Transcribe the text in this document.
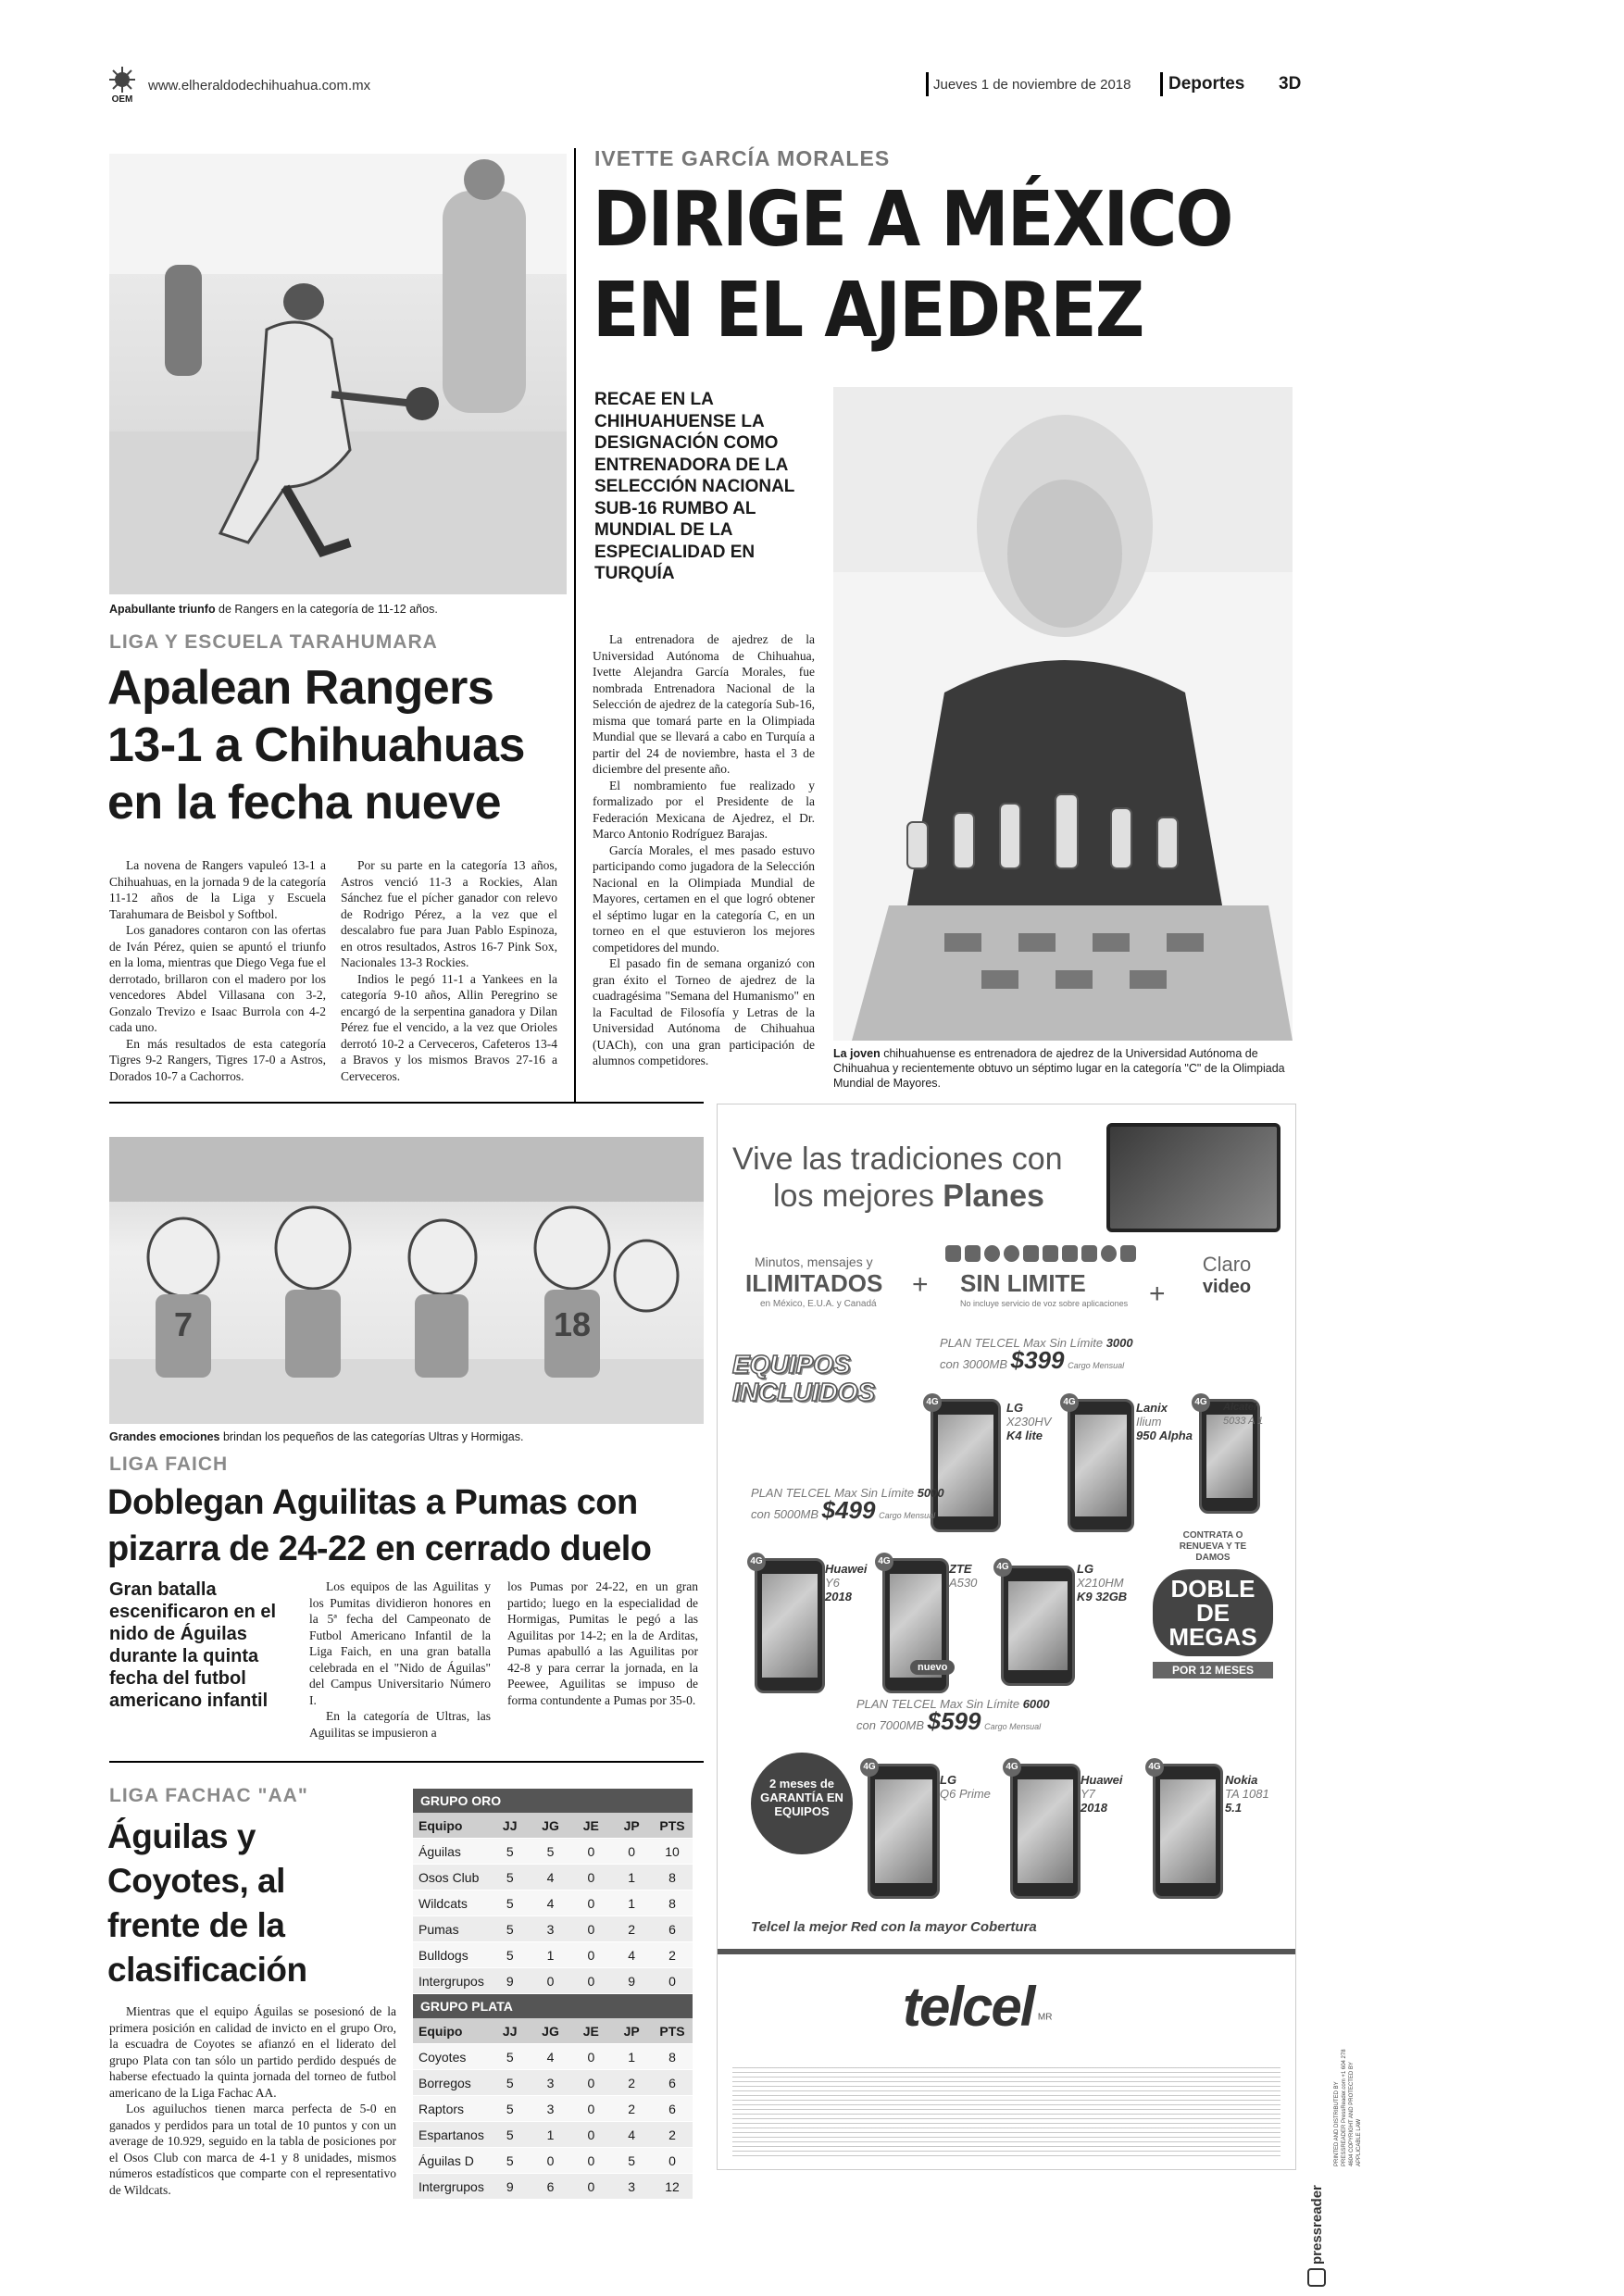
OEM
www.elheraldodechihuahua.com.mx	Jueves 1 de noviembre de 2018 Deportes 3D
Apabullante triunfo de Rangers en la categoría de 11-12 años.
LIGA Y ESCUELA TARAHUMARA
Apalean Rangers 13-1 a Chihuahuas en la fecha nueve

La novena de Rangers vapuleó 13-1 a Chihuahuas, en la jornada 9 de la categoría 11-12 años de la Liga y Escuela Tarahumara de Beisbol y Softbol.

Los ganadores contaron con las ofertas de Iván Pérez, quien se apuntó el triunfo en la loma, mientras que Diego Vega fue el derrotado, brillaron con el madero por los vencedores Abdel Villasana con 3-2, Gonzalo Trevizo e Isaac Burrola con 4-2 cada uno.

En más resultados de esta categoría Tigres 9-2 Rangers, Tigres 17-0 a Astros, Dorados 10-7 a Cachorros.

Por su parte en la categoría 13 años, Astros venció 11-3 a Rockies, Alan Sánchez fue el pícher ganador con relevo de Rodrigo Pérez, a la vez que el descalabro fue para Juan Pablo Espinoza, en otros resultados, Astros 16-7 Pink Sox, Nacionales 13-3 Rockies.

Indios le pegó 11-1 a Yankees en la categoría 9-10 años, Allin Peregrino se encargó de la serpentina ganadora y Dilan Pérez fue el vencido, a la vez que Orioles derrotó 10-2 a Cerveceros, Cafeteros 13-4 a Bravos y los mismos Bravos 27-16 a Cerveceros.

IVETTE GARCÍA MORALES
DIRIGE A MÉXICO
EN EL AJEDREZ
RECAE EN LA CHIHUAHUENSE LA DESIGNACIÓN COMO ENTRENADORA DE LA SELECCIÓN NACIONAL SUB-16 RUMBO AL MUNDIAL DE LA ESPECIALIDAD EN TURQUÍA

La entrenadora de ajedrez de la Universidad Autónoma de Chihuahua, Ivette Alejandra García Morales, fue nombrada Entrenadora Nacional de la Selección de ajedrez de la categoría Sub-16, misma que tomará parte en la Olimpiada Mundial que se llevará a cabo en Turquía a partir del 24 de noviembre, hasta el 3 de diciembre del presente año.

El nombramiento fue realizado y formalizado por el Presidente de la Federación Mexicana de Ajedrez, el Dr. Marco Antonio Rodríguez Barajas.

García Morales, el mes pasado estuvo participando como jugadora de la Selección Nacional en la Olimpiada Mundial de Mayores, certamen en el que logró obtener el séptimo lugar en la categoría C, en un torneo en el que estuvieron los mejores competidores del mundo.

El pasado fin de semana organizó con gran éxito el Torneo de ajedrez de la cuadragésima "Semana del Humanismo" en la Facultad de Filosofía y Letras de la Universidad Autónoma de Chihuahua (UACh), con una gran participación de alumnos competidores.	La joven chihuahuense es entrenadora de ajedrez de la Universidad Autónoma de Chihuahua y recientemente obtuvo un séptimo lugar en la categoría "C" de la Olimpiada Mundial de Mayores.
7	18
Grandes emociones brindan los pequeños de las categorías Ultras y Hormigas.
LIGA FAICH
Doblegan Aguilitas a Pumas con pizarra de 24-22 en cerrado duelo
Gran batalla escenificaron en el nido de Águilas durante la quinta fecha del futbol americano infantil

Los equipos de las Aguilitas y los Pumitas dividieron honores en la 5ª fecha del Campeonato de Futbol Americano Infantil de la Liga Faich, en una gran batalla celebrada en el "Nido de Águilas" del Campus Universitario Número I.

En la categoría de Ultras, las Aguilitas se impusieron a

los Pumas por 24-22, en un gran partido; luego en la especialidad de Hormigas, Pumitas le pegó a las Aguilitas por 14-2; en la de Arditas, Pumas apabulló a las Aguilitas por 42-8 y para cerrar la jornada, en la Peewee, Aguilitas se impuso de forma contundente a Pumas por 35-0.

LIGA FACHAC "AA"
Águilas y Coyotes, al frente de la clasificación

Mientras que el equipo Águilas se posesionó de la primera posición en calidad de invicto en el grupo Oro, la escuadra de Coyotes se afianzó en el liderato del grupo Plata con tan sólo un partido perdido después de haberse efectuado la quinta jornada del torneo de futbol americano de la Liga Fachac AA.

Los aguiluchos tienen marca perfecta de 5-0 en ganados y perdidos para un total de 10 puntos y con un average de 10.929, seguido en la tabla de posiciones por el Osos Club con marca de 4-1 y 8 unidades, mismos números estadísticos que comparte con el representativo de Wildcats.

GRUPO ORO
Equipo	JJ	JG	JE	JP	PTS
Águilas	5	5	0	0	10
Osos Club	5	4	0	1	8
Wildcats	5	4	0	1	8
Pumas	5	3	0	2	6
Bulldogs	5	1	0	4	2
Intergrupos	9	0	0	9	0
GRUPO PLATA
Equipo	JJ	JG	JE	JP	PTS
Coyotes	5	4	0	1	8
Borregos	5	3	0	2	6
Raptors	5	3	0	2	6
Espartanos	5	1	0	4	2
Águilas D	5	0	0	5	0
Intergrupos	9	6	0	3	12
Vive las tradiciones con
los mejores Planes
Minutos, mensajes y
ILIMITADOS
en México, E.U.A. y Canadá
+ SIN LIMITE
No incluye servicio de voz sobre aplicaciones +
Claro
video
EQUIPOS INCLUIDOS
PLAN TELCEL Max Sin Límite 3000
con 3000MB $399 Cargo Mensual
4G	LG
X230HV
K4 lite
4G	Lanix
Ilium
950 Alpha
4G	Alcatel
5033 A 1
PLAN TELCEL Max Sin Límite 5000
con 5000MB $499 Cargo Mensual
4G
Huawei
Y6
2018
4G
ZTE
A530
nuevo
4G	LG
X210HM
K9 32GB
CONTRATA O RENUEVA Y TE DAMOS
DOBLE DE MEGAS
POR 12 MESES
PLAN TELCEL Max Sin Límite 6000
con 7000MB $599 Cargo Mensual
2 meses de GARANTÍA EN EQUIPOS
4G
LG
Q6 Prime
4G
Huawei
Y7
2018
4G
Nokia
TA 1081
5.1
Telcel la mejor Red con la mayor Cobertura
telcel $^{MR}$
pressreader
PRINTED AND DISTRIBUTED BY PRESSREADER PressReader.com +1 604 278 4604 COPYRIGHT AND PROTECTED BY APPLICABLE LAW
